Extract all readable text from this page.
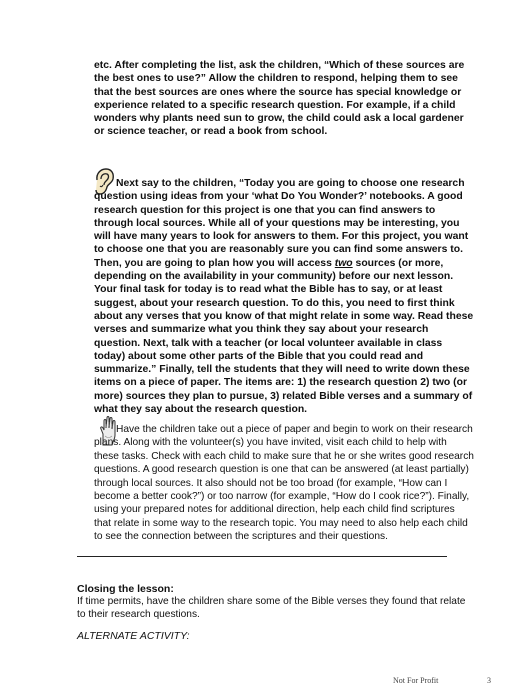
etc. After completing the list, ask the children, “Which of these sources are the best ones to use?” Allow the children to respond, helping them to see that the best sources are ones where the source has special knowledge or experience related to a specific research question. For example, if a child wonders why plants need sun to grow, the child could ask a local gardener or science teacher, or read a book from school.

Next say to the children, “Today you are going to choose one research question using ideas from your ‘what Do You Wonder?’ notebooks. A good research question for this project is one that you can find answers to through local sources. While all of your questions may be interesting, you will have many years to look for answers to them. For this project, you want to choose one that you are reasonably sure you can find some answers to. Then, you are going to plan how you will access two sources (or more, depending on the availability in your community) before our next lesson. Your final task for today is to read what the Bible has to say, or at least suggest, about your research question. To do this, you need to first think about any verses that you know of that might relate in some way. Read these verses and summarize what you think they say about your research question. Next, talk with a teacher (or local volunteer available in class today) about some other parts of the Bible that you could read and summarize.” Finally, tell the students that they will need to write down these items on a piece of paper. The items are: 1) the research question 2) two (or more) sources they plan to pursue, 3) related Bible verses and a summary of what they say about the research question.

Have the children take out a piece of paper and begin to work on their research plans. Along with the volunteer(s) you have invited, visit each child to help with these tasks. Check with each child to make sure that he or she writes good research questions. A good research question is one that can be answered (at least partially) through local sources. It also should not be too broad (for example, “How can I become a better cook?”) or too narrow (for example, “How do I cook rice?”). Finally, using your prepared notes for additional direction, help each child find scriptures that relate in some way to the research topic. You may need to also help each child to see the connection between the scriptures and their questions.

Closing the lesson:
If time permits, have the children share some of the Bible verses they found that relate to their research questions.
ALTERNATE ACTIVITY:
Not For Profit	3
